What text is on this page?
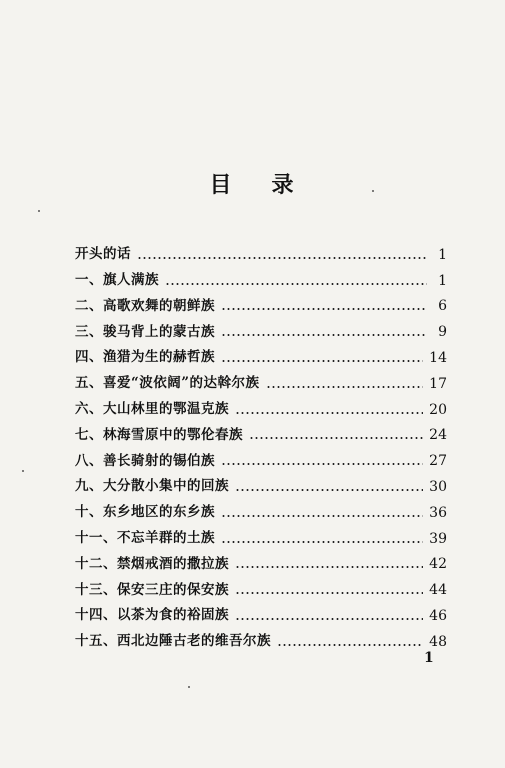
目 录
开头的话	1
一、旗人满族	1
二、高歌欢舞的朝鲜族	6
三、骏马背上的蒙古族	9
四、渔猎为生的赫哲族	14
五、喜爱“波依阔”的达斡尔族	17
六、大山林里的鄂温克族	20
七、林海雪原中的鄂伦春族	24
八、善长骑射的锡伯族	27
九、大分散小集中的回族	30
十、东乡地区的东乡族	36
十一、不忘羊群的土族	39
十二、禁烟戒酒的撒拉族	42
十三、保安三庄的保安族	44
十四、以茶为食的裕固族	46
十五、西北边陲古老的维吾尔族	48
1
